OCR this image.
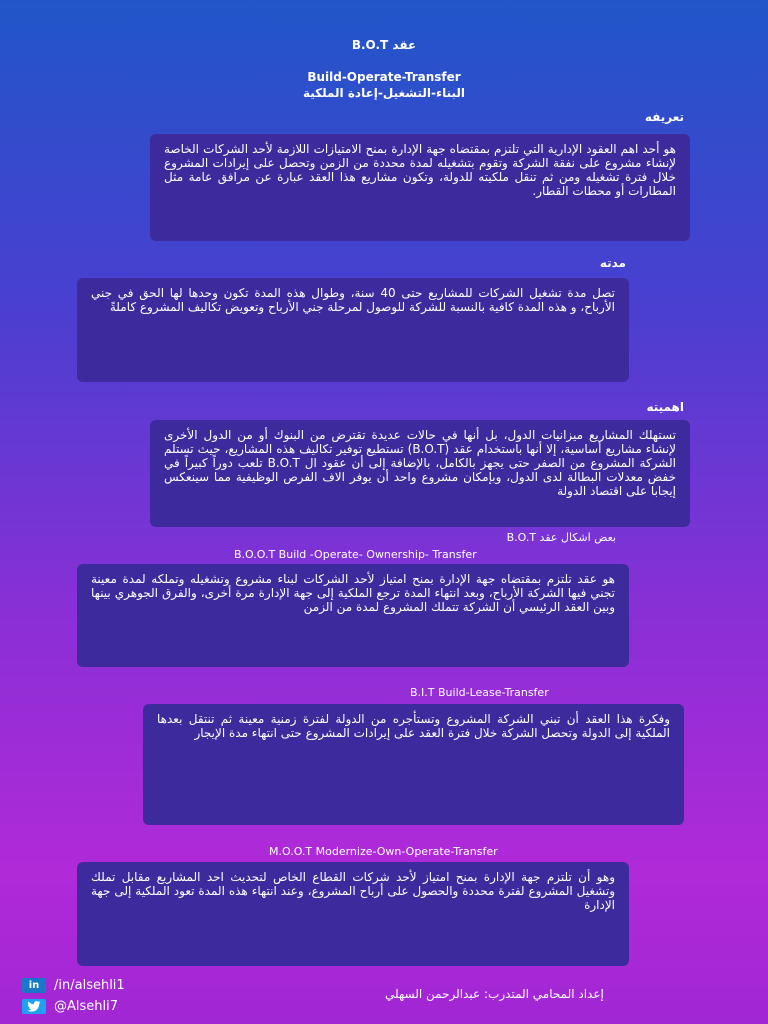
B.O.T عقد
Build-Operate-Transfer
البناء-التشغيل-إعادة الملكية
تعريفه
هو أحد اهم العقود الإدارية التي تلتزم بمقتضاه جهة الإدارة بمنح الامتيازات اللازمة لأحد الشركات الخاصة لإنشاء مشروع على نفقة الشركة وتقوم بتشغيله لمدة محددة من الزمن وتحصل على إيرادات المشروع خلال فترة تشغيله ومن ثم تنقل ملكيته للدولة، وتكون مشاريع هذا العقد عبارة عن مرافق عامة مثل المطارات أو محطات القطار.
مدته
تصل مدة تشغيل الشركات للمشاريع حتى 40 سنة، وطوال هذه المدة تكون وحدها لها الحق في جني الأرباح، و هذه المدة كافية بالنسبة للشركة للوصول لمرحلة جني الأرباح وتعويض تكاليف المشروع كاملةً
اهميته
تستهلك المشاريع ميزانيات الدول، بل أنها في حالات عديدة تقترض من البنوك أو من الدول الأخرى لإنشاء مشاريع أساسية، إلا أنها باستخدام عقد (B.O.T) تستطيع توفير تكاليف هذه المشاريع، حيث تستلم الشركة المشروع من الصفر حتى يجهز بالكامل، بالإضافة إلى أن عقود ال B.O.T تلعب دوراً كبيراً في خفض معدلات البطالة لدى الدول، وبإمكان مشروع واحد أن يوفر الاف الفرص الوظيفية مما سينعكس إيجابا على اقتصاد الدولة
بعض اشكال عقد B.O.T
B.O.O.T Build -Operate- Ownership- Transfer
هو عقد تلتزم بمقتضاه جهة الإدارة بمنح امتياز لأحد الشركات لبناء مشروع وتشغيله وتملكه لمدة معينة تجني فيها الشركة الأرباح، وبعد انتهاء المدة ترجع الملكية إلى جهة الإدارة مرة أخرى، والفرق الجوهري بينها وبين العقد الرئيسي أن الشركة تتملك المشروع لمدة من الزمن
B.I.T Build-Lease-Transfer
وفكرة هذا العقد أن تبني الشركة المشروع وتستأجره من الدولة لفترة زمنية معينة ثم تنتقل بعدها الملكية إلى الدولة وتحصل الشركة خلال فترة العقد على إيرادات المشروع حتى انتهاء مدة الإيجار
M.O.O.T Modernize-Own-Operate-Transfer
وهو أن تلتزم جهة الإدارة بمنح امتياز لأحد شركات القطاع الخاص لتحديث احد المشاريع مقابل تملك وتشغيل المشروع لفترة محددة والحصول على أرباح المشروع، وعند انتهاء هذه المدة تعود الملكية إلى جهة الإدارة
in	/in/alsehli1
@Alsehli7
إعداد المحامي المتدرب: عبدالرحمن السهلي
